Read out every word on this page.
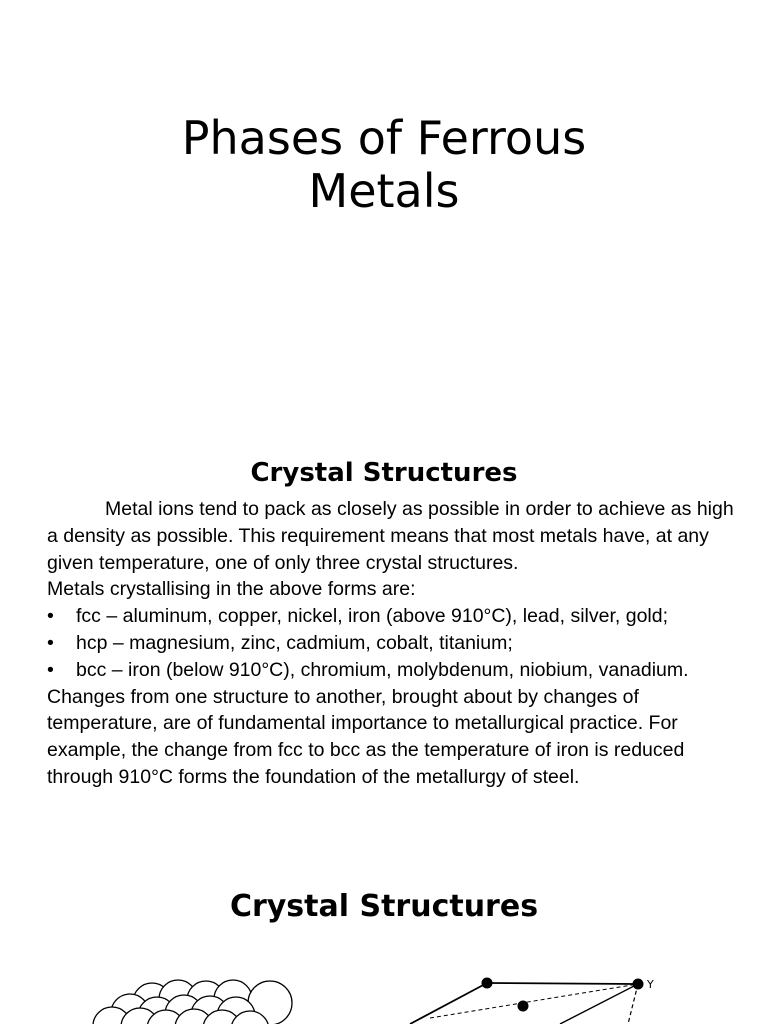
Phases of Ferrous
Metals
Crystal Structures

Metal ions tend to pack as closely as possible in order to achieve as high a density as possible. This requirement means that most metals have, at any given temperature, one of only three crystal structures.

Metals crystallising in the above forms are:

•	fcc – aluminum, copper, nickel, iron (above 910°C), lead, silver, gold;
•	hcp – magnesium, zinc, cadmium, cobalt, titanium;
•	bcc – iron (below 910°C), chromium, molybdenum, niobium, vanadium.

Changes from one structure to another, brought about by changes of temperature, are of fundamental importance to metallurgical practice. For example, the change from fcc to bcc as the temperature of iron is reduced through 910°C forms the foundation of the metallurgy of steel.

Crystal Structures
Y
